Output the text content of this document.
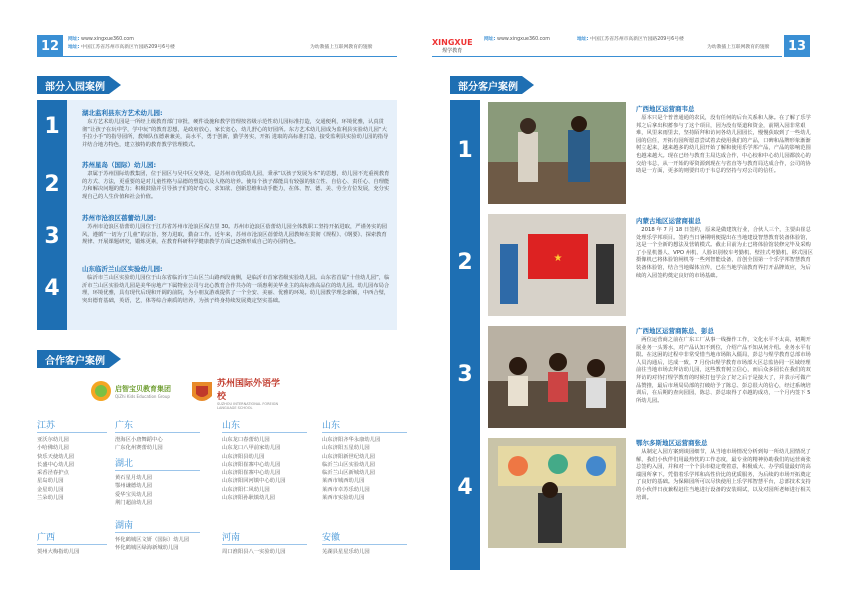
12	网址: www.xingxue360.com
地址: 中国江苏省苏州市高新区竹园路209号6号楼	为幼教插上互联网教育的翅膀
部分入园案例
1
2
3
4
湖北监利县东方艺术幼儿园:

东方艺术幼儿园是一所经上级教育部门审批，硬件设施和教学管理按省级示范性幼儿园标准打造，交通便利，环境优雅，认真贯彻“让孩子在玩中学，学中玩”的教育思想，是政府放心，家长宽心，幼儿舒心的好园所。东方艺术幼儿园成为监利县实验幼儿园“大手拉小手”的指导园所，教师队伍德素兼美，高水平，勇于创新，勤学务实，开拓 进取的高标准打造，接受监利县实验幼儿园的指导并结合地方特色，建立独特的教育教学管理模式。

苏州星岛（国际）幼儿园:

隶属于苏州国际幼教集团，位于园区与吴中区交界处，是苏州市优质幼儿园，秉承“以孩子发展为本”的思想，幼儿园不光重视教育的方式、方法，更重要的是对儿童性格与品德的塑造以及人格的培养。使每个孩子都能具有较强的独立性、自信心、责任心、自理能力和解决问题的能力；积极鼓励并引导孩子们的好奇心、求知欲、创新思维和动手能力，在体、智、德、美、劳全方位发展，充分实现自己的人生价值和社会价值。

苏州市沧浪区蓓蕾幼儿园:

苏州市沧浪区蓓蕾幼儿园位于江苏省苏州市沧浪区保吉里 30。苏州市沧浪区蓓蕾幼儿园全体教职工坚持开拓进取，严谨务实的园风，遵循“一切为了儿童”的宗旨，努力进取，勤奋工作。近年来，苏州市沧浪区蓓蕾幼儿园教师在贯彻《规程》、《纲要》、探索教育规律、开展课题研究，锻炼更素，在教育科研科学健康教学方面已逐渐形成自己的办园特色。

山东临沂兰山区实验幼儿园:

临沂市兰山区实验幼儿园位于山东省临沂市兰山区兰山路西段南侧，是临沂市首家省级实验幼儿园。山东省首届“十佳幼儿园”，临沂市兰山区实验幼儿园是美华房地产下属物业公司与北心教育合作共办的一项惠利美华业主的高标准高品位的幼儿园。幼儿园布局合理，环境优雅，具有现代后现和开阔的前院，为小朋友游戏提供了一个全安、美丽、优雅的环境。幼儿园教学理念新颖，中西合璧，突出德育基础，英语，艺，体等综合素质的培养，为孩子终身持续发展奠定坚实基础。

合作客户案例
启智宝贝教育集团
QiZhi Kids Education Group
苏州国际外语学校
SUZHOU INTERNATIONAL FOREIGN LANGUAGE SCHOOL
江苏
亚沃尔幼儿园
小哈佛幼儿园
快乐天使幼儿园
长盛中心幼儿园
采香泾春护点
星岛幼儿园
金星幼儿园
兰朵幼儿园
广西
贺州大梅指幼儿园
广东
澄海区小唐舞蹈中心
广东化州赛蕾幼儿园
湖北
黄石星月幼儿园
鄂州谦德幼儿园
爱华宝贝幼儿园
荆门超前幼儿园
湖南
怀化鹤城区文妍（国际）幼儿园
怀化鹤城区绿海新城幼儿园
山东
山东龙口春蕾幼儿园
山东龙口八甲前家幼儿园
山东济阳县幼儿园
山东济阳崔寨中心幼儿园
山东济阳崔寨中心幼儿园
山东济阳回河镇中心幼儿园
山东济阳仁风幼儿园
山东济阳孙耿镇幼儿园
河南
周口淮阳县八一实验幼儿园
山东
山东济阳齐华永康幼儿园
山东济阳五星幼儿园
山东济阳新世纪幼儿园
临沂兰山区实验幼儿园
临沂兰山区新城幼儿园
莱西市城西幼儿园
莱西市卓苏乐幼儿园
莱西市实验幼儿园
安徽
芜湖县星星乐幼儿园
XINGXUE
煋学教育
网址: www.xingxue360.com	地址: 中国江苏省苏州市高新区竹园路209号6号楼
为幼教插上互联网教育的翅膀	13
部分客户案例
1
2
3
4
★
广西地区运营商韦总

原本只是个普普通通的农民，没有任何的后台关系和人脉。在了解了乐学邦之后拿出积蓄参与了这个项目，因为没有渠道和资金，前期入园非常艰难，风里来雨里去，坚持陌拜和访问各幼儿园园长，慢慢获取到了一些幼儿园的信任，开拓有园所愿意尝试着去使用我们的产品，口碑和品牌形象渐渐树立起来，越来越多的幼儿园开始了解和使用乐学邦产品，产品的影响范围也越来越大。现在已经与教育主局达成合作，中心校和中心幼儿园都放心的交给韦总，从一开始的零资源到现在与省直等与教育局达成合作，公司的协助是一方面，更多的则要归功于韦总的坚持与对公司的信任。

内蒙古地区运营商崔总

2018 年 7 月 18 日签约，原来是做建筑行业，合伙人三个，主要由崔总处理乐学邦项目。签约当日暑期明便提出在当地建设智慧教育装备体验馆，这是一个全新的想法及营销模式。截止目前为止已将体验馆装修完毕及采购了小星机器人、VPO 州机、人脸识别校车考勤机、壁挂式考勤机、移式园区摄像机已将体验馆闸机等一些列智能设备，首创全国第一个乐学邦智慧教育装备体验馆，结合当地媒体宣传，已在当地学前教育界打开品牌效应，为后续的入园签约奠定良好的市场基础。

广西地区运营商陈总、彭总

两位运营商之前在广东工厂从事一线操作工作，文化水平不太高，初期开展业务一头雾水，对产品认知不到位，介绍产品不知从何介绍。业务水平有限。在这困的过程中非常受惜当地市场陷入僵局，彭总与煋学教育总部市场人员沟通后，达成一致，7 月份由煋学教育市场部大区总监协同一区域经理前往当地市场去拜访幼儿园，这些教育树立信心，而后众多园长在我们的双拜访的对待打煋学教育的时候打包学会了好之后于是接大了，并表示可做产品赞推，最后市场局局部的打破给予了陈总、彭总很大的信心，经过系统培训后，在后期的查向园园，陈总、彭总取得了卓越的成功，一个月内签下 5 所幼儿园。

鄂尔多斯地区运营商张总

从制定入园方案到谈园细节，从当地市场情况分析到每一所幼儿园情况了解，我们小伙伴们用最热忱的工作态度，最专业的精神协助我们的运营商张总签约入园，并和对一个个县市稳定费着意，积极成大、办学质量最好的高端园所拿下。凭借着乐学邦和高性价比的优质服务，为后续的市场开拓奠定了良好的基础。为保障园所可以尽快使用上乐学邦智慧平台，总部技术支持的小伙伴日夜兼程赶往当地进行设备的安装调试，以及对园所老师进行相关培训。
